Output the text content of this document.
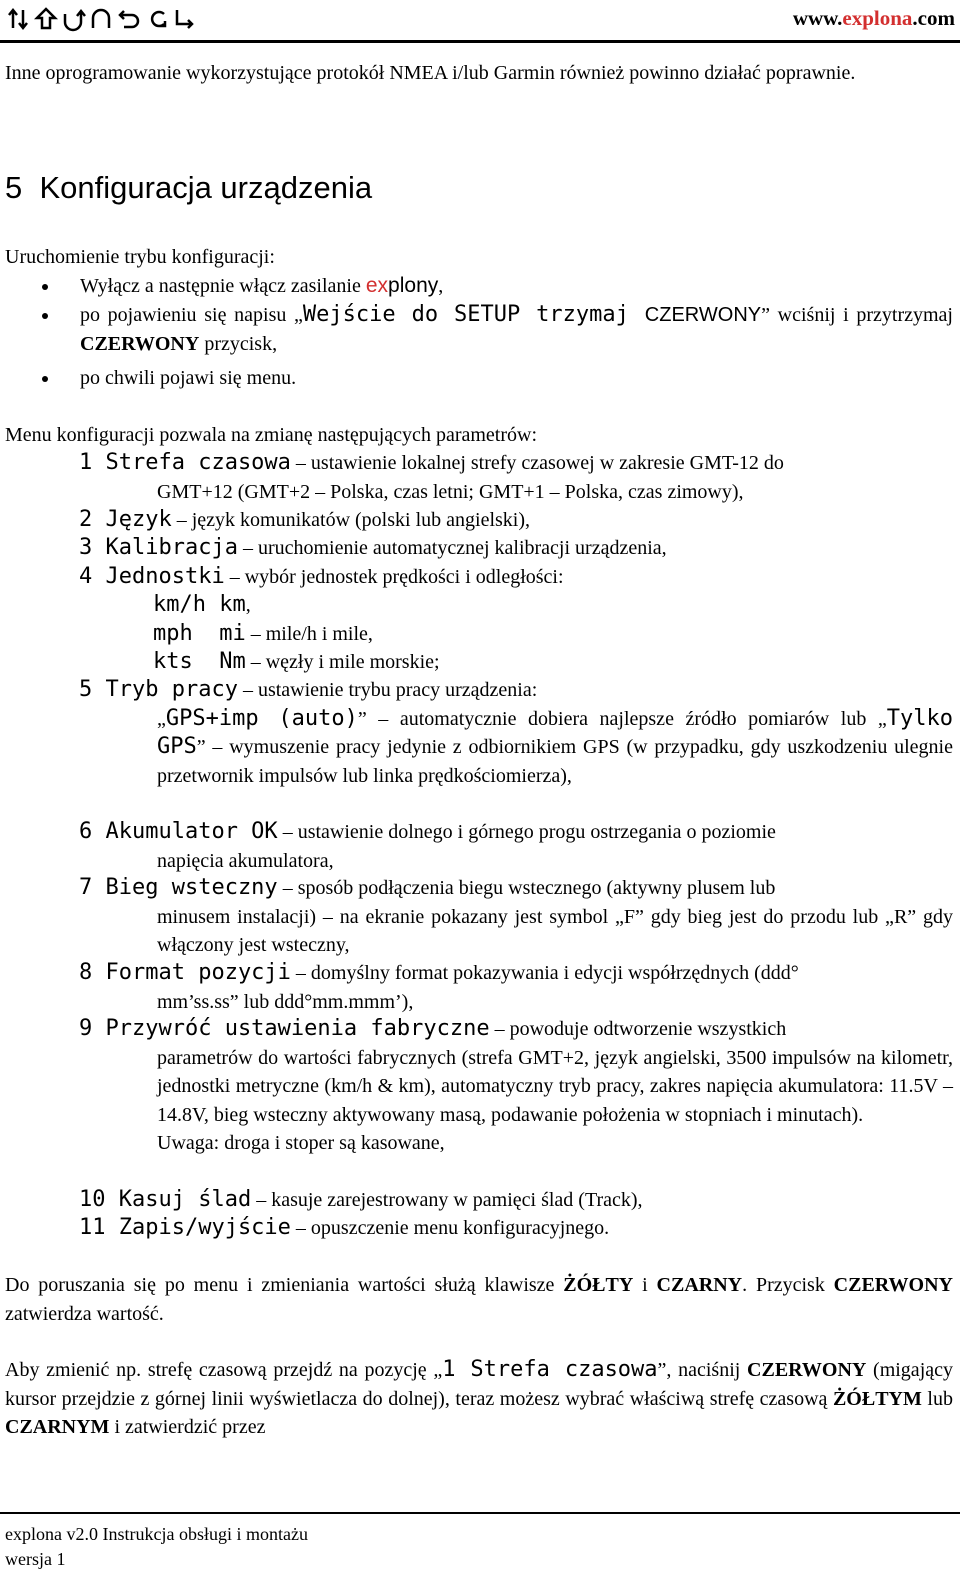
www.explona.com
Inne oprogramowanie wykorzystujące protokół NMEA i/lub Garmin również powinno działać poprawnie.
5 Konfiguracja urządzenia
Uruchomienie trybu konfiguracji:
Wyłącz a następnie włącz zasilanie explony,
po pojawieniu się napisu „Wejście do SETUP trzymaj CZERWONY” wciśnij i przytrzymaj CZERWONY przycisk,
po chwili pojawi się menu.
Menu konfiguracji pozwala na zmianę następujących parametrów:
1 Strefa czasowa – ustawienie lokalnej strefy czasowej w zakresie GMT-12 do
GMT+12 (GMT+2 – Polska, czas letni; GMT+1 – Polska, czas zimowy),
2 Język – język komunikatów (polski lub angielski),
3 Kalibracja – uruchomienie automatycznej kalibracji urządzenia,
4 Jednostki – wybór jednostek prędkości i odległości:
km/h km,
mph  mi – mile/h i mile,
kts  Nm – węzły i mile morskie;
5 Tryb pracy – ustawienie trybu pracy urządzenia:
„GPS+imp (auto)” – automatycznie dobiera najlepsze źródło pomiarów lub „Tylko GPS” – wymuszenie pracy jedynie z odbiornikiem GPS (w przypadku, gdy uszkodzeniu ulegnie przetwornik impulsów lub linka prędkościomierza),
6 Akumulator OK – ustawienie dolnego i górnego progu ostrzegania o poziomie
napięcia akumulatora,
7 Bieg wsteczny – sposób podłączenia biegu wstecznego (aktywny plusem lub
minusem instalacji) – na ekranie pokazany jest symbol „F” gdy bieg jest do przodu lub „R” gdy włączony jest wsteczny,
8 Format pozycji – domyślny format pokazywania i edycji współrzędnych (ddd°
mm’ss.ss” lub ddd°mm.mmm’),
9 Przywróć ustawienia fabryczne – powoduje odtworzenie wszystkich
parametrów do wartości fabrycznych (strefa GMT+2, język angielski, 3500 impulsów na kilometr, jednostki metryczne (km/h & km), automatyczny tryb pracy, zakres napięcia akumulatora: 11.5V – 14.8V, bieg wsteczny aktywowany masą, podawanie położenia w stopniach i minutach).
Uwaga: droga i stoper są kasowane,
10 Kasuj ślad – kasuje zarejestrowany w pamięci ślad (Track),
11 Zapis/wyjście – opuszczenie menu konfiguracyjnego.
Do poruszania się po menu i zmieniania wartości służą klawisze ŻÓŁTY i CZARNY. Przycisk CZERWONY zatwierdza wartość.
Aby zmienić np. strefę czasową przejdź na pozycję „1 Strefa czasowa”, naciśnij CZERWONY (migający kursor przejdzie z górnej linii wyświetlacza do dolnej), teraz możesz wybrać właściwą strefę czasową ŻÓŁTYM lub CZARNYM i zatwierdzić przez
explona v2.0 Instrukcja obsługi i montażu
wersja 1
